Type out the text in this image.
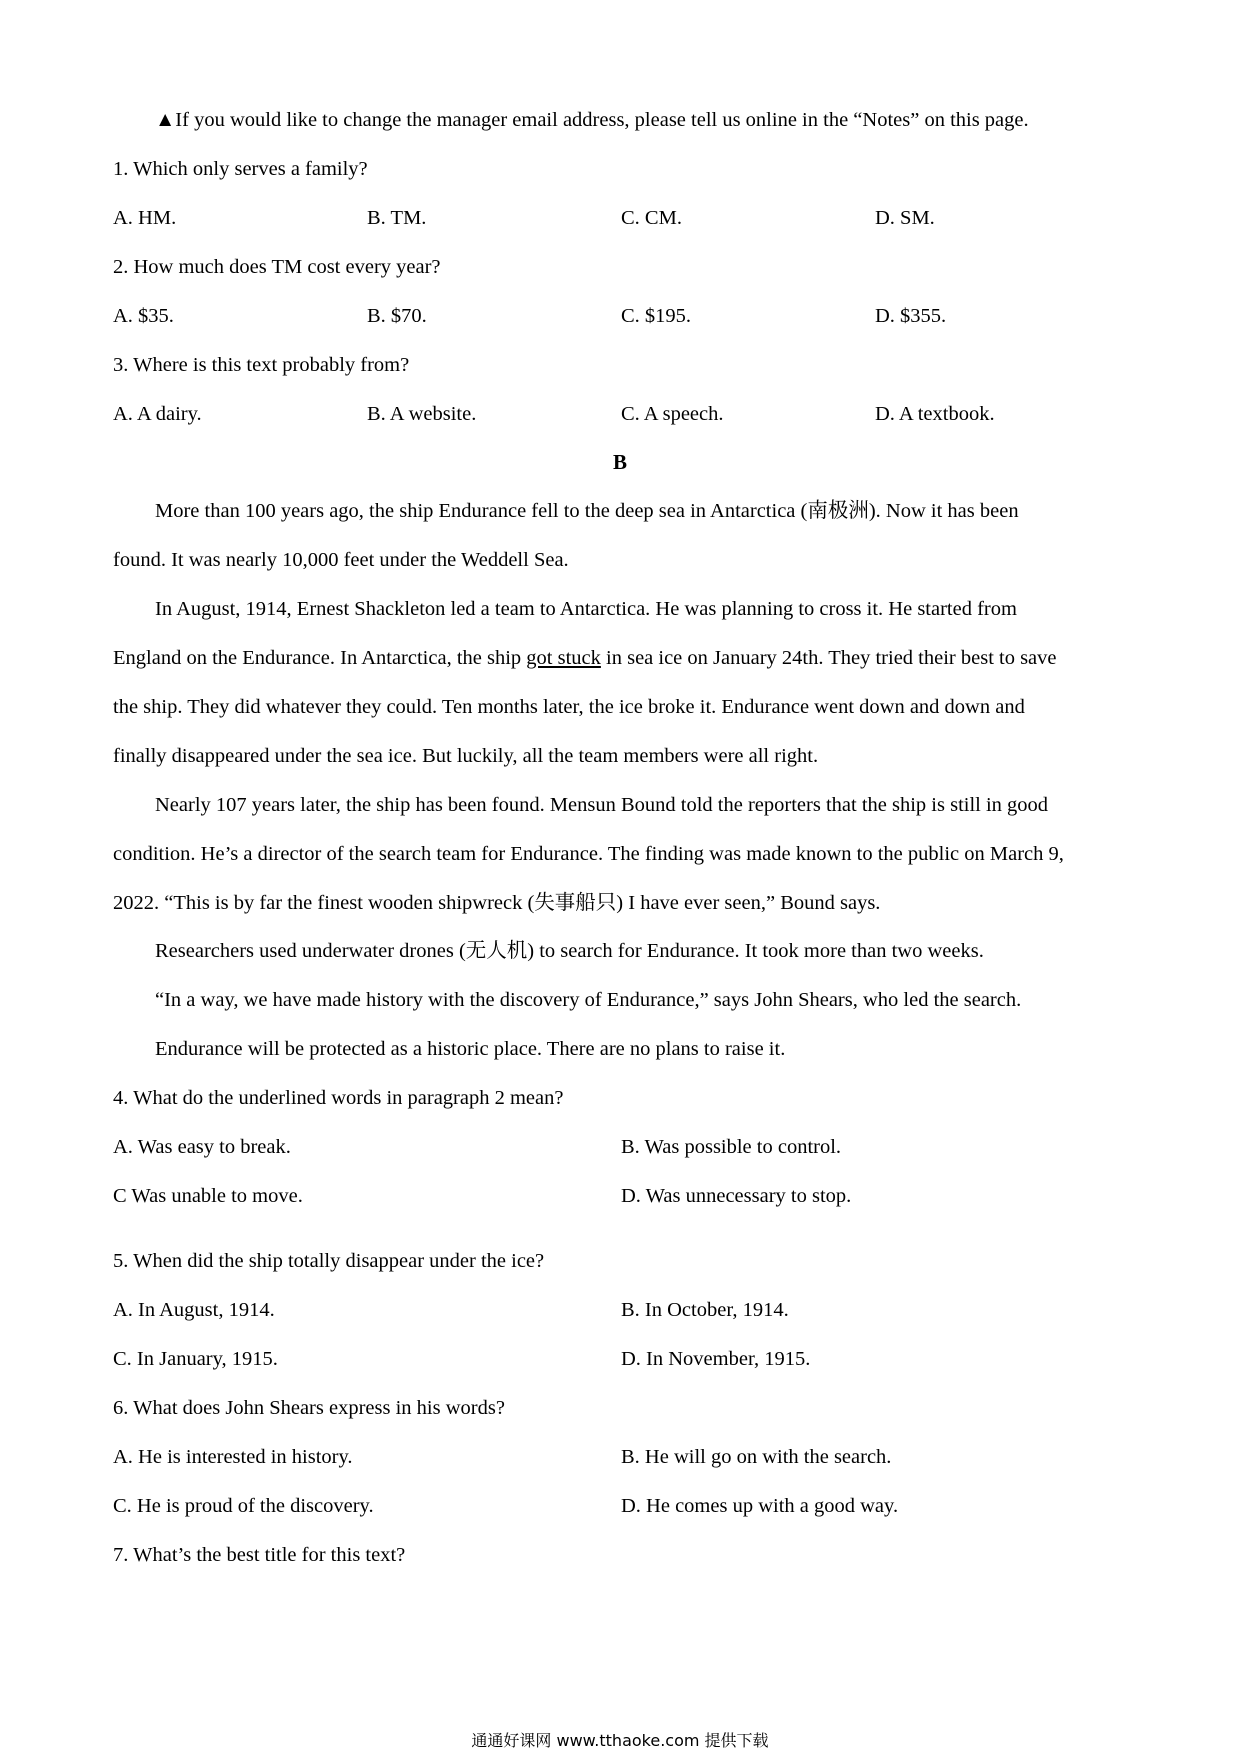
▲If you would like to change the manager email address, please tell us online in the “Notes” on this page.
1. Which only serves a family?
A. HM.	B. TM.	C. CM.	D. SM.
2. How much does TM cost every year?
A. $35.	B. $70.	C. $195.	D. $355.
3. Where is this text probably from?
A. A dairy.	B. A website.	C. A speech.	D. A textbook.
B
More than 100 years ago, the ship Endurance fell to the deep sea in Antarctica (南极洲). Now it has been
found. It was nearly 10,000 feet under the Weddell Sea.
In August, 1914, Ernest Shackleton led a team to Antarctica. He was planning to cross it. He started from
England on the Endurance. In Antarctica, the ship got stuck in sea ice on January 24th. They tried their best to save
the ship. They did whatever they could. Ten months later, the ice broke it. Endurance went down and down and
finally disappeared under the sea ice. But luckily, all the team members were all right.
Nearly 107 years later, the ship has been found. Mensun Bound told the reporters that the ship is still in good
condition. He’s a director of the search team for Endurance. The finding was made known to the public on March 9,
2022. “This is by far the finest wooden shipwreck (失事船只) I have ever seen,” Bound says.
Researchers used underwater drones (无人机) to search for Endurance. It took more than two weeks.
“In a way, we have made history with the discovery of Endurance,” says John Shears, who led the search.
Endurance will be protected as a historic place. There are no plans to raise it.
4. What do the underlined words in paragraph 2 mean?
A. Was easy to break.	B. Was possible to control.
C Was unable to move.	D. Was unnecessary to stop.
5. When did the ship totally disappear under the ice?
A. In August, 1914.	B. In October, 1914.
C. In January, 1915.	D. In November, 1915.
6. What does John Shears express in his words?
A. He is interested in history.	B. He will go on with the search.
C. He is proud of the discovery.	D. He comes up with a good way.
7. What’s the best title for this text?
通通好课网 www.tthaoke.com 提供下载
